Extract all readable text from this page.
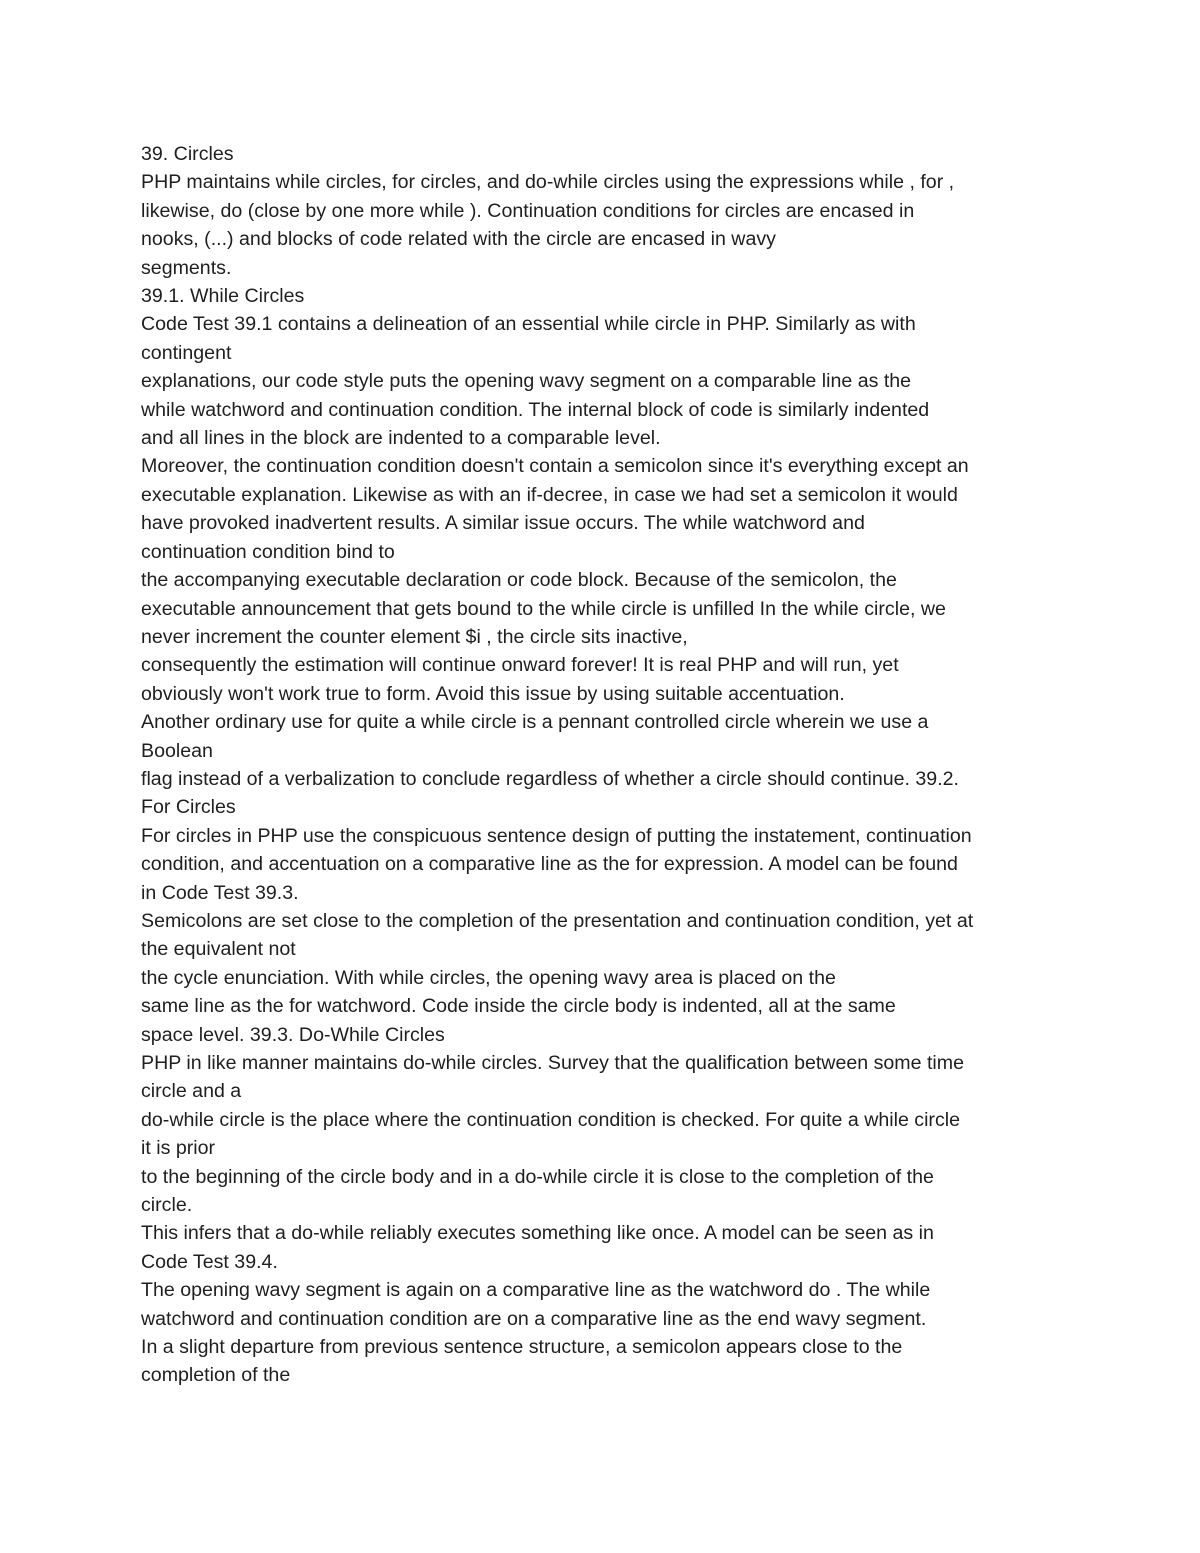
39. Circles
PHP maintains while circles, for circles, and do-while circles using the expressions while , for ,
likewise, do (close by one more while ). Continuation conditions for circles are encased in
nooks, (...) and blocks of code related with the circle are encased in wavy
segments.
39.1. While Circles
Code Test 39.1 contains a delineation of an essential while circle in PHP. Similarly as with
contingent
explanations, our code style puts the opening wavy segment on a comparable line as the
while watchword and continuation condition. The internal block of code is similarly indented
and all lines in the block are indented to a comparable level.
Moreover, the continuation condition doesn't contain a semicolon since it's everything except an
executable explanation. Likewise as with an if-decree, in case we had set a semicolon it would
have provoked inadvertent results. A similar issue occurs. The while watchword and
continuation condition bind to
the accompanying executable declaration or code block. Because of the semicolon, the
executable announcement that gets bound to the while circle is unfilled In the while circle, we
never increment the counter element $i , the circle sits inactive,
consequently the estimation will continue onward forever! It is real PHP and will run, yet
obviously won't work true to form. Avoid this issue by using suitable accentuation.
Another ordinary use for quite a while circle is a pennant controlled circle wherein we use a
Boolean
flag instead of a verbalization to conclude regardless of whether a circle should continue. 39.2.
For Circles
For circles in PHP use the conspicuous sentence design of putting the instatement, continuation
condition, and accentuation on a comparative line as the for expression. A model can be found
in Code Test 39.3.
Semicolons are set close to the completion of the presentation and continuation condition, yet at
the equivalent not
the cycle enunciation. With while circles, the opening wavy area is placed on the
same line as the for watchword. Code inside the circle body is indented, all at the same
space level. 39.3. Do-While Circles
PHP in like manner maintains do-while circles. Survey that the qualification between some time
circle and a
do-while circle is the place where the continuation condition is checked. For quite a while circle
it is prior
to the beginning of the circle body and in a do-while circle it is close to the completion of the
circle.
This infers that a do-while reliably executes something like once. A model can be seen as in
Code Test 39.4.
The opening wavy segment is again on a comparative line as the watchword do . The while
watchword and continuation condition are on a comparative line as the end wavy segment.
In a slight departure from previous sentence structure, a semicolon appears close to the
completion of the
